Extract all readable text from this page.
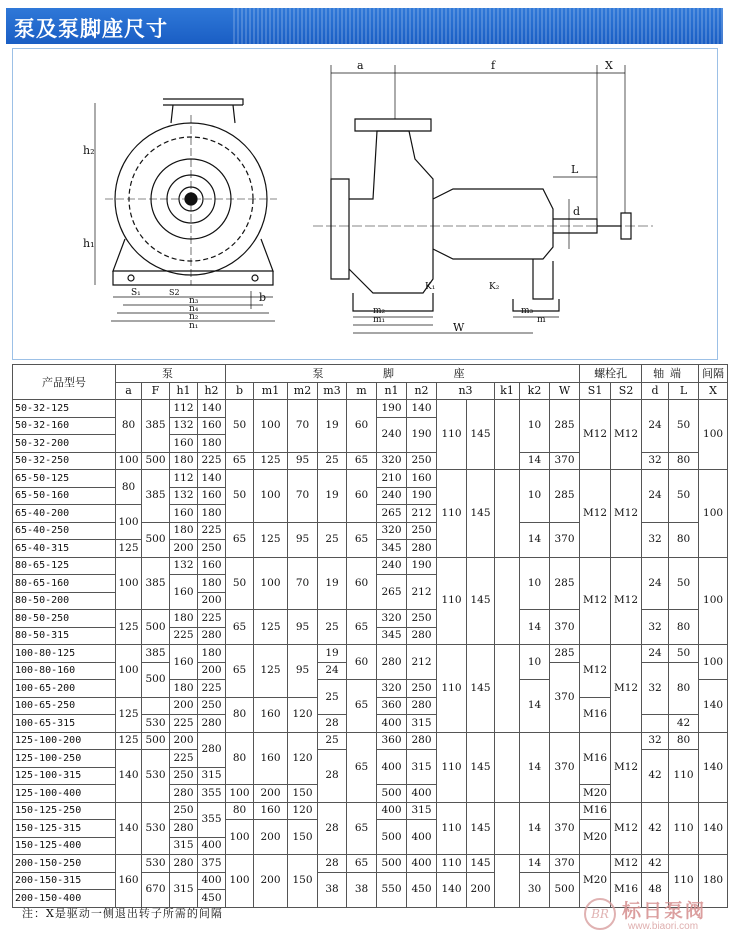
泵及泵脚座尺寸
h₂
h₁
S₁	S2
n₃
n₄
n₂
n₁
b
a	f	X
L
d
K₁	K₂
m₂
m₁
m₃
m
W
产品型号	泵				泵 脚 座												螺栓孔		轴端		间隔	
	a	F	h1	h2	b	m1	m2	m3	m	n1	n2	n3		k1	k2	W	S1	S2	d	L	X	
50-32-125	80	385	112	140	50	100	70	19	60	190	140	110	145		10	285	M12	M12	24	50	100	
50-32-160			132	160						240	190											
50-32-200			160	180																		
50-32-250	100	500	180	225	65	125	95	25	65	320	250				14	370			32	80		
65-50-125	80	385	112	140	50	100	70	19	60	210	160	110	145		10	285	M12	M12	24	50	100	
65-50-160			132	160						240	190											
65-40-200	100		160	180						265	212											
65-40-250		500	180	225	65	125	95	25	65	320	250				14	370			32	80		
65-40-315	125		200	250						345	280											
80-65-125	100	385	132	160	50	100	70	19	60	240	190	110	145		10	285	M12	M12	24	50	100	
80-65-160			160	180						265	212											
80-50-200				200																		
80-50-250	125	500	180	225	65	125	95	25	65	320	250				14	370			32	80		
80-50-315			225	280						345	280											
100-80-125	100	385	160	180	65	125	95	19	60	280	212	110	145		10	285	M12	M12	24	50	100	
100-80-160		500		200				24								370			32	80		
100-65-200			180	225				25	65	320	250				14						140	
100-65-250	125		200	250	80	160	120			360	280						M16					
100-65-315		530	225	280				28		400	315									42	
125-100-200	125	500	200	280	80	160	120	25	65	360	280	110	145		14	370	M16	M12	32	80	140	
125-100-250	140	530	225					28		400	315								42	110		
125-100-315			250	315																		
125-100-400			280	355	100	200	150			500	400						M20					
150-125-250	140	530	250	355	80	160	120	28	65	400	315	110	145		14	370	M16	M12	42	110	140	
150-125-315			280		100	200	150			500	400						M20					
150-125-400			315	400																		
200-150-250	160	530	280	375	100	200	150	28	65	500	400	110	145		14	370	M20	M12	42	110	180	
200-150-315		670	315	400				38	38	550	450	140	200		30	500		M16	48			
200-150-400				450																		
注：X是驱动一侧退出转子所需的间隔	BR 标日泵阀
www.biaori.com
